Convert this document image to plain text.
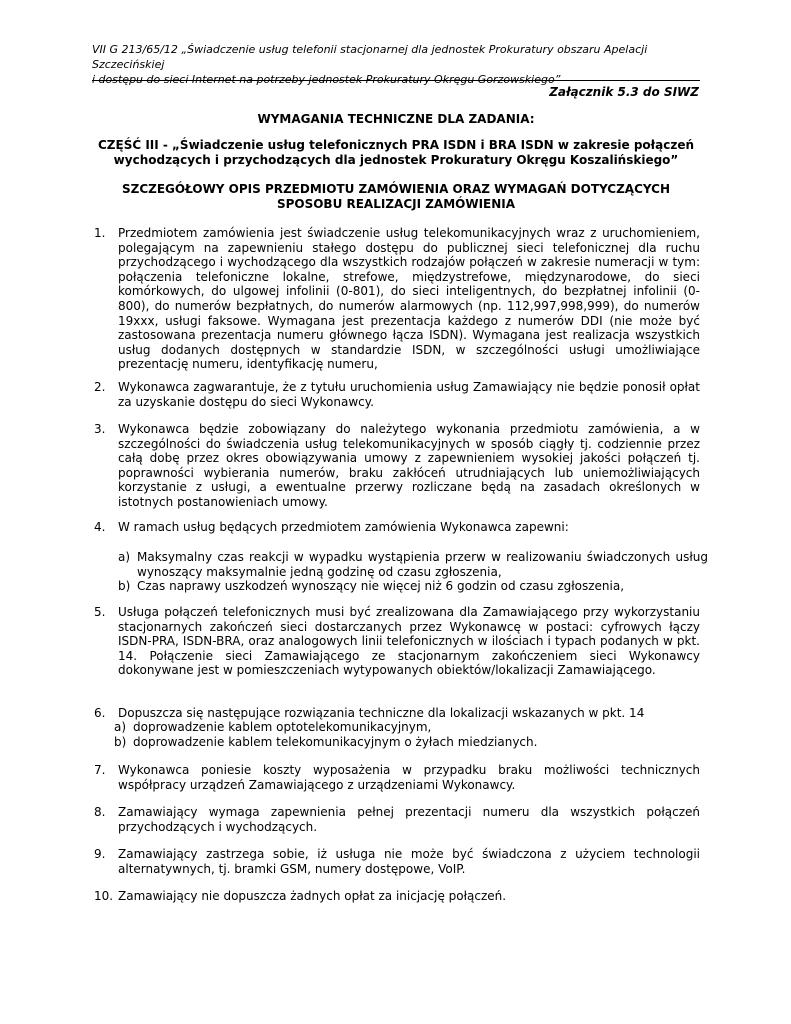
VII G 213/65/12 „Świadczenie usług telefonii stacjonarnej dla jednostek Prokuratury obszaru Apelacji Szczecińskiej
i dostępu do sieci Internet na potrzeby jednostek Prokuratury Okręgu Gorzowskiego”
Załącznik 5.3 do SIWZ
WYMAGANIA TECHNICZNE DLA ZADANIA:
CZĘŚĆ III - „Świadczenie usług telefonicznych PRA ISDN i BRA ISDN w zakresie połączeń wychodzących i przychodzących dla jednostek Prokuratury Okręgu Koszalińskiego”
SZCZEGÓŁOWY OPIS PRZEDMIOTU ZAMÓWIENIA ORAZ WYMAGAŃ DOTYCZĄCYCH SPOSOBU REALIZACJI ZAMÓWIENIA
1. Przedmiotem zamówienia jest świadczenie usług telekomunikacyjnych wraz z uruchomieniem, polegającym na zapewnieniu stałego dostępu do publicznej sieci telefonicznej dla ruchu przychodzącego i wychodzącego dla wszystkich rodzajów połączeń w zakresie numeracji w tym: połączenia telefoniczne lokalne, strefowe, międzystrefowe, międzynarodowe, do sieci komórkowych, do ulgowej infolinii (0-801), do sieci inteligentnych, do bezpłatnej infolinii (0-800), do numerów bezpłatnych, do numerów alarmowych (np. 112,997,998,999), do numerów 19xxx, usługi faksowe. Wymagana jest prezentacja każdego z numerów DDI (nie może być zastosowana prezentacja numeru głównego łącza ISDN). Wymagana jest realizacja wszystkich usług dodanych dostępnych w standardzie ISDN, w szczególności usługi umożliwiające prezentację numeru, identyfikację numeru,
2. Wykonawca zagwarantuje, że z tytułu uruchomienia usług Zamawiający nie będzie ponosił opłat za uzyskanie dostępu do sieci Wykonawcy.
3. Wykonawca będzie zobowiązany do należytego wykonania przedmiotu zamówienia, a w szczególności do świadczenia usług telekomunikacyjnych w sposób ciągły tj. codziennie przez całą dobę przez okres obowiązywania umowy z zapewnieniem wysokiej jakości połączeń tj. poprawności wybierania numerów, braku zakłóceń utrudniających lub uniemożliwiających korzystanie z usługi, a ewentualne przerwy rozliczane będą na zasadach określonych w istotnych postanowieniach umowy.
4. W ramach usług będących przedmiotem zamówienia Wykonawca zapewni:
a) Maksymalny czas reakcji w wypadku wystąpienia przerw w realizowaniu świadczonych usług wynoszący maksymalnie jedną godzinę od czasu zgłoszenia,
b) Czas naprawy uszkodzeń wynoszący nie więcej niż 6 godzin od czasu zgłoszenia,
5. Usługa połączeń telefonicznych musi być zrealizowana dla Zamawiającego przy wykorzystaniu stacjonarnych zakończeń sieci dostarczanych przez Wykonawcę w postaci: cyfrowych łączy ISDN-PRA, ISDN-BRA, oraz analogowych linii telefonicznych w ilościach i typach podanych w pkt. 14. Połączenie sieci Zamawiającego ze stacjonarnym zakończeniem sieci Wykonawcy dokonywane jest w pomieszczeniach wytypowanych obiektów/lokalizacji Zamawiającego.
6. Dopuszcza się następujące rozwiązania techniczne dla lokalizacji wskazanych w pkt. 14
a) doprowadzenie kablem optotelekomunikacyjnym,
b) doprowadzenie kablem telekomunikacyjnym o żyłach miedzianych.
7. Wykonawca poniesie koszty wyposażenia w przypadku braku możliwości technicznych współpracy urządzeń Zamawiającego z urządzeniami Wykonawcy.
8. Zamawiający wymaga zapewnienia pełnej prezentacji numeru dla wszystkich połączeń przychodzących i wychodzących.
9. Zamawiający zastrzega sobie, iż usługa nie może być świadczona z użyciem technologii alternatywnych, tj. bramki GSM, numery dostępowe, VoIP.
10. Zamawiający nie dopuszcza żadnych opłat za inicjację połączeń.
